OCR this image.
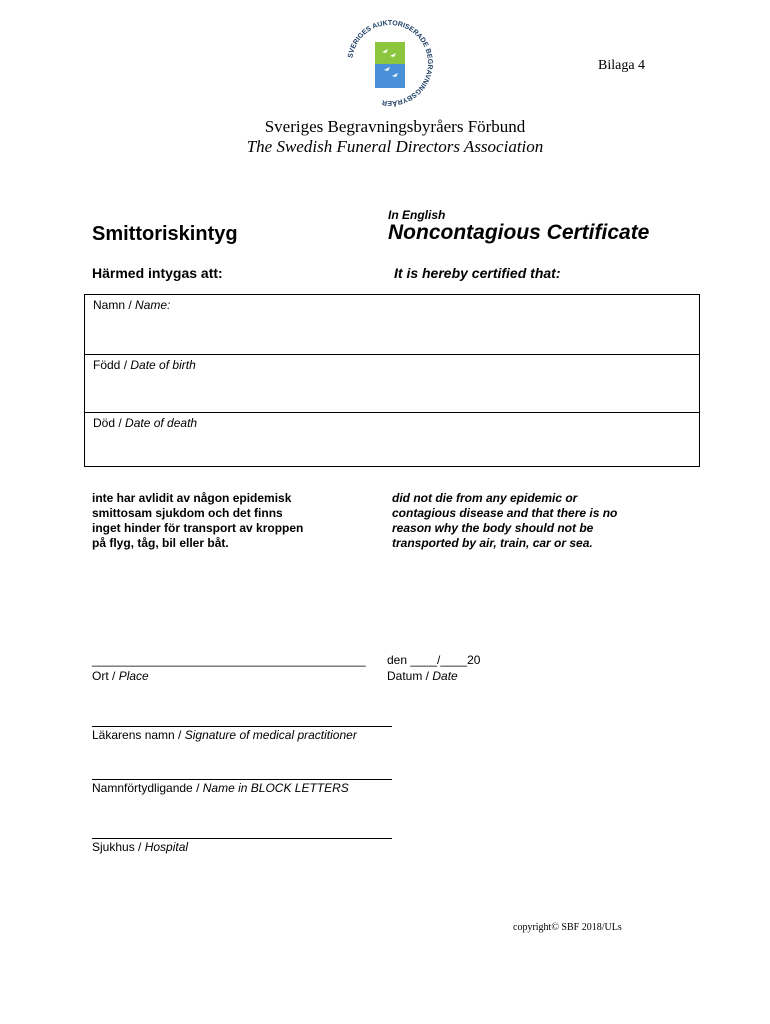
SVERIGES AUKTORISERADE BEGRAVNINGSBYRÅER
Bilaga 4
Sveriges Begravningsbyråers Förbund
The Swedish Funeral Directors Association
In English
Smittoriskintyg	Noncontagious Certificate
Härmed intygas att:	It is hereby certified that:
Namn / Name:
Född / Date of birth
Död / Date of death
inte har avlidit av någon epidemisk
smittosam sjukdom och det finns
inget hinder för transport av kroppen
på flyg, tåg, bil eller båt.
did not die from any epidemic or
contagious disease and that there is no
reason why the body should not be
transported by air, train, car or sea.
_________________________________________ den ____/____20
Ort / Place	Datum / Date
Läkarens namn / Signature of medical practitioner
Namnförtydligande / Name in BLOCK LETTERS
Sjukhus / Hospital
copyright© SBF 2018/ULs
